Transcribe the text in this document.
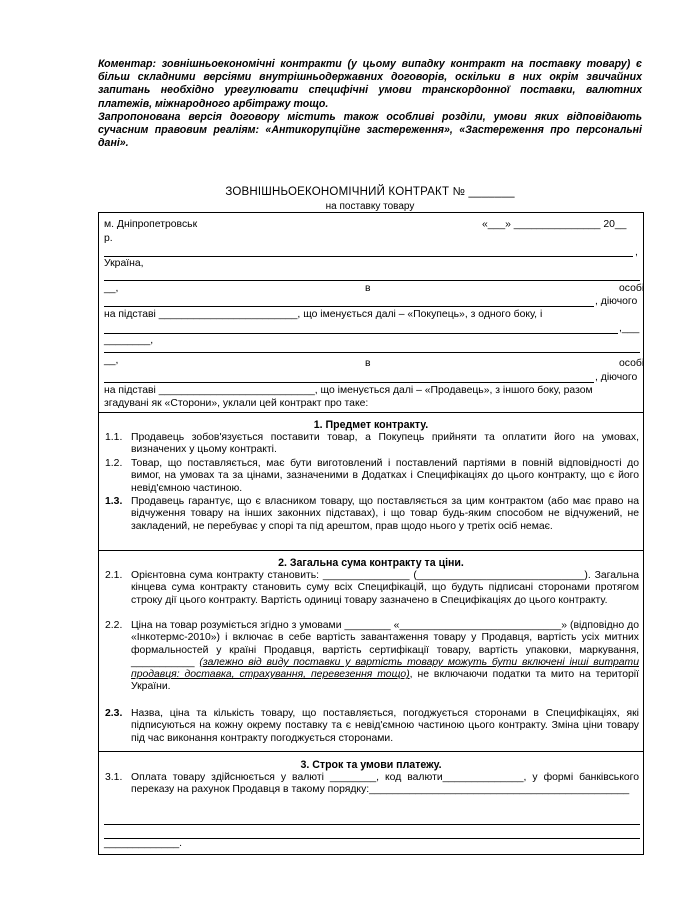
Коментар: зовнішньоекономічні контракти (у цьому випадку контракт на поставку товару) є більш складними версіями внутрішньодержавних договорів, оскільки в них окрім звичайних запитань необхідно урегулювати специфічні умови транскордонної поставки, валютних платежів, міжнародного арбітражу тощо.

Запропонована версія договору містить також особливі розділи, умови яких відповідають сучасним правовим реаліям: «Антикорупційне застереження», «Застереження про персональні дані».

ЗОВНІШНЬОЕКОНОМІЧНИЙ КОНТРАКТ № _______
на поставку товару
м. Дніпропетровськ	«___» _______________ 20__
р.
,
Україна,
__,	в	особі
, діючого
на підставі ________________________, що іменується далі – «Покупець», з одного боку, і
,___
________,
__,	в	особі
, діючого
на підставі ___________________________, що іменується далі – «Продавець», з іншого боку, разом
згадувані як «Сторони», уклали цей контракт про таке:
1. Предмет контракту.
1.1. Продавець зобов'язується поставити товар, а Покупець прийняти та оплатити його на умовах, визначених у цьому контракті.
1.2. Товар, що поставляється, має бути виготовлений і поставлений партіями в повній відповідності до вимог, на умовах та за цінами, зазначеними в Додатках і Специфікаціях до цього контракту, що є його невід'ємною частиною.
1.3. Продавець гарантує, що є власником товару, що поставляється за цим контрактом (або має право на відчуження товару на інших законних підставах), і що товар будь-яким способом не відчужений, не закладений, не перебуває у спорі та під арештом, прав щодо нього у третіх осіб немає.
2. Загальна сума контракту та ціни.
2.1. Орієнтовна сума контракту становить: _______________ (_____________________________). Загальна кінцева сума контракту становить суму всіх Специфікацій, що будуть підписані сторонами протягом строку дії цього контракту. Вартість одиниці товару зазначено в Специфікаціях до цього контракту.
2.2. Ціна на товар розуміється згідно з умовами ________ «____________________________» (відповідно до «Інкотермс-2010») і включає в себе вартість завантаження товару у Продавця, вартість усіх митних формальностей у країні Продавця, вартість сертифікації товару, вартість упаковки, маркування, ___________ (залежно від виду поставки у вартість товару можуть бути включені інші витрати продавця: доставка, страхування, перевезення тощо), не включаючи податки та мито на території України.
2.3. Назва, ціна та кількість товару, що поставляється, погоджується сторонами в Специфікаціях, які підписуються на кожну окрему поставку та є невід'ємною частиною цього контракту. Зміна ціни товару під час виконання контракту погоджується сторонами.
3. Строк та умови платежу.
3.1. Оплата товару здійснюється у валюті ________, код валюти______________, у формі банківського переказу на рахунок Продавця в такому порядку:_____________________________________________
_____________.
